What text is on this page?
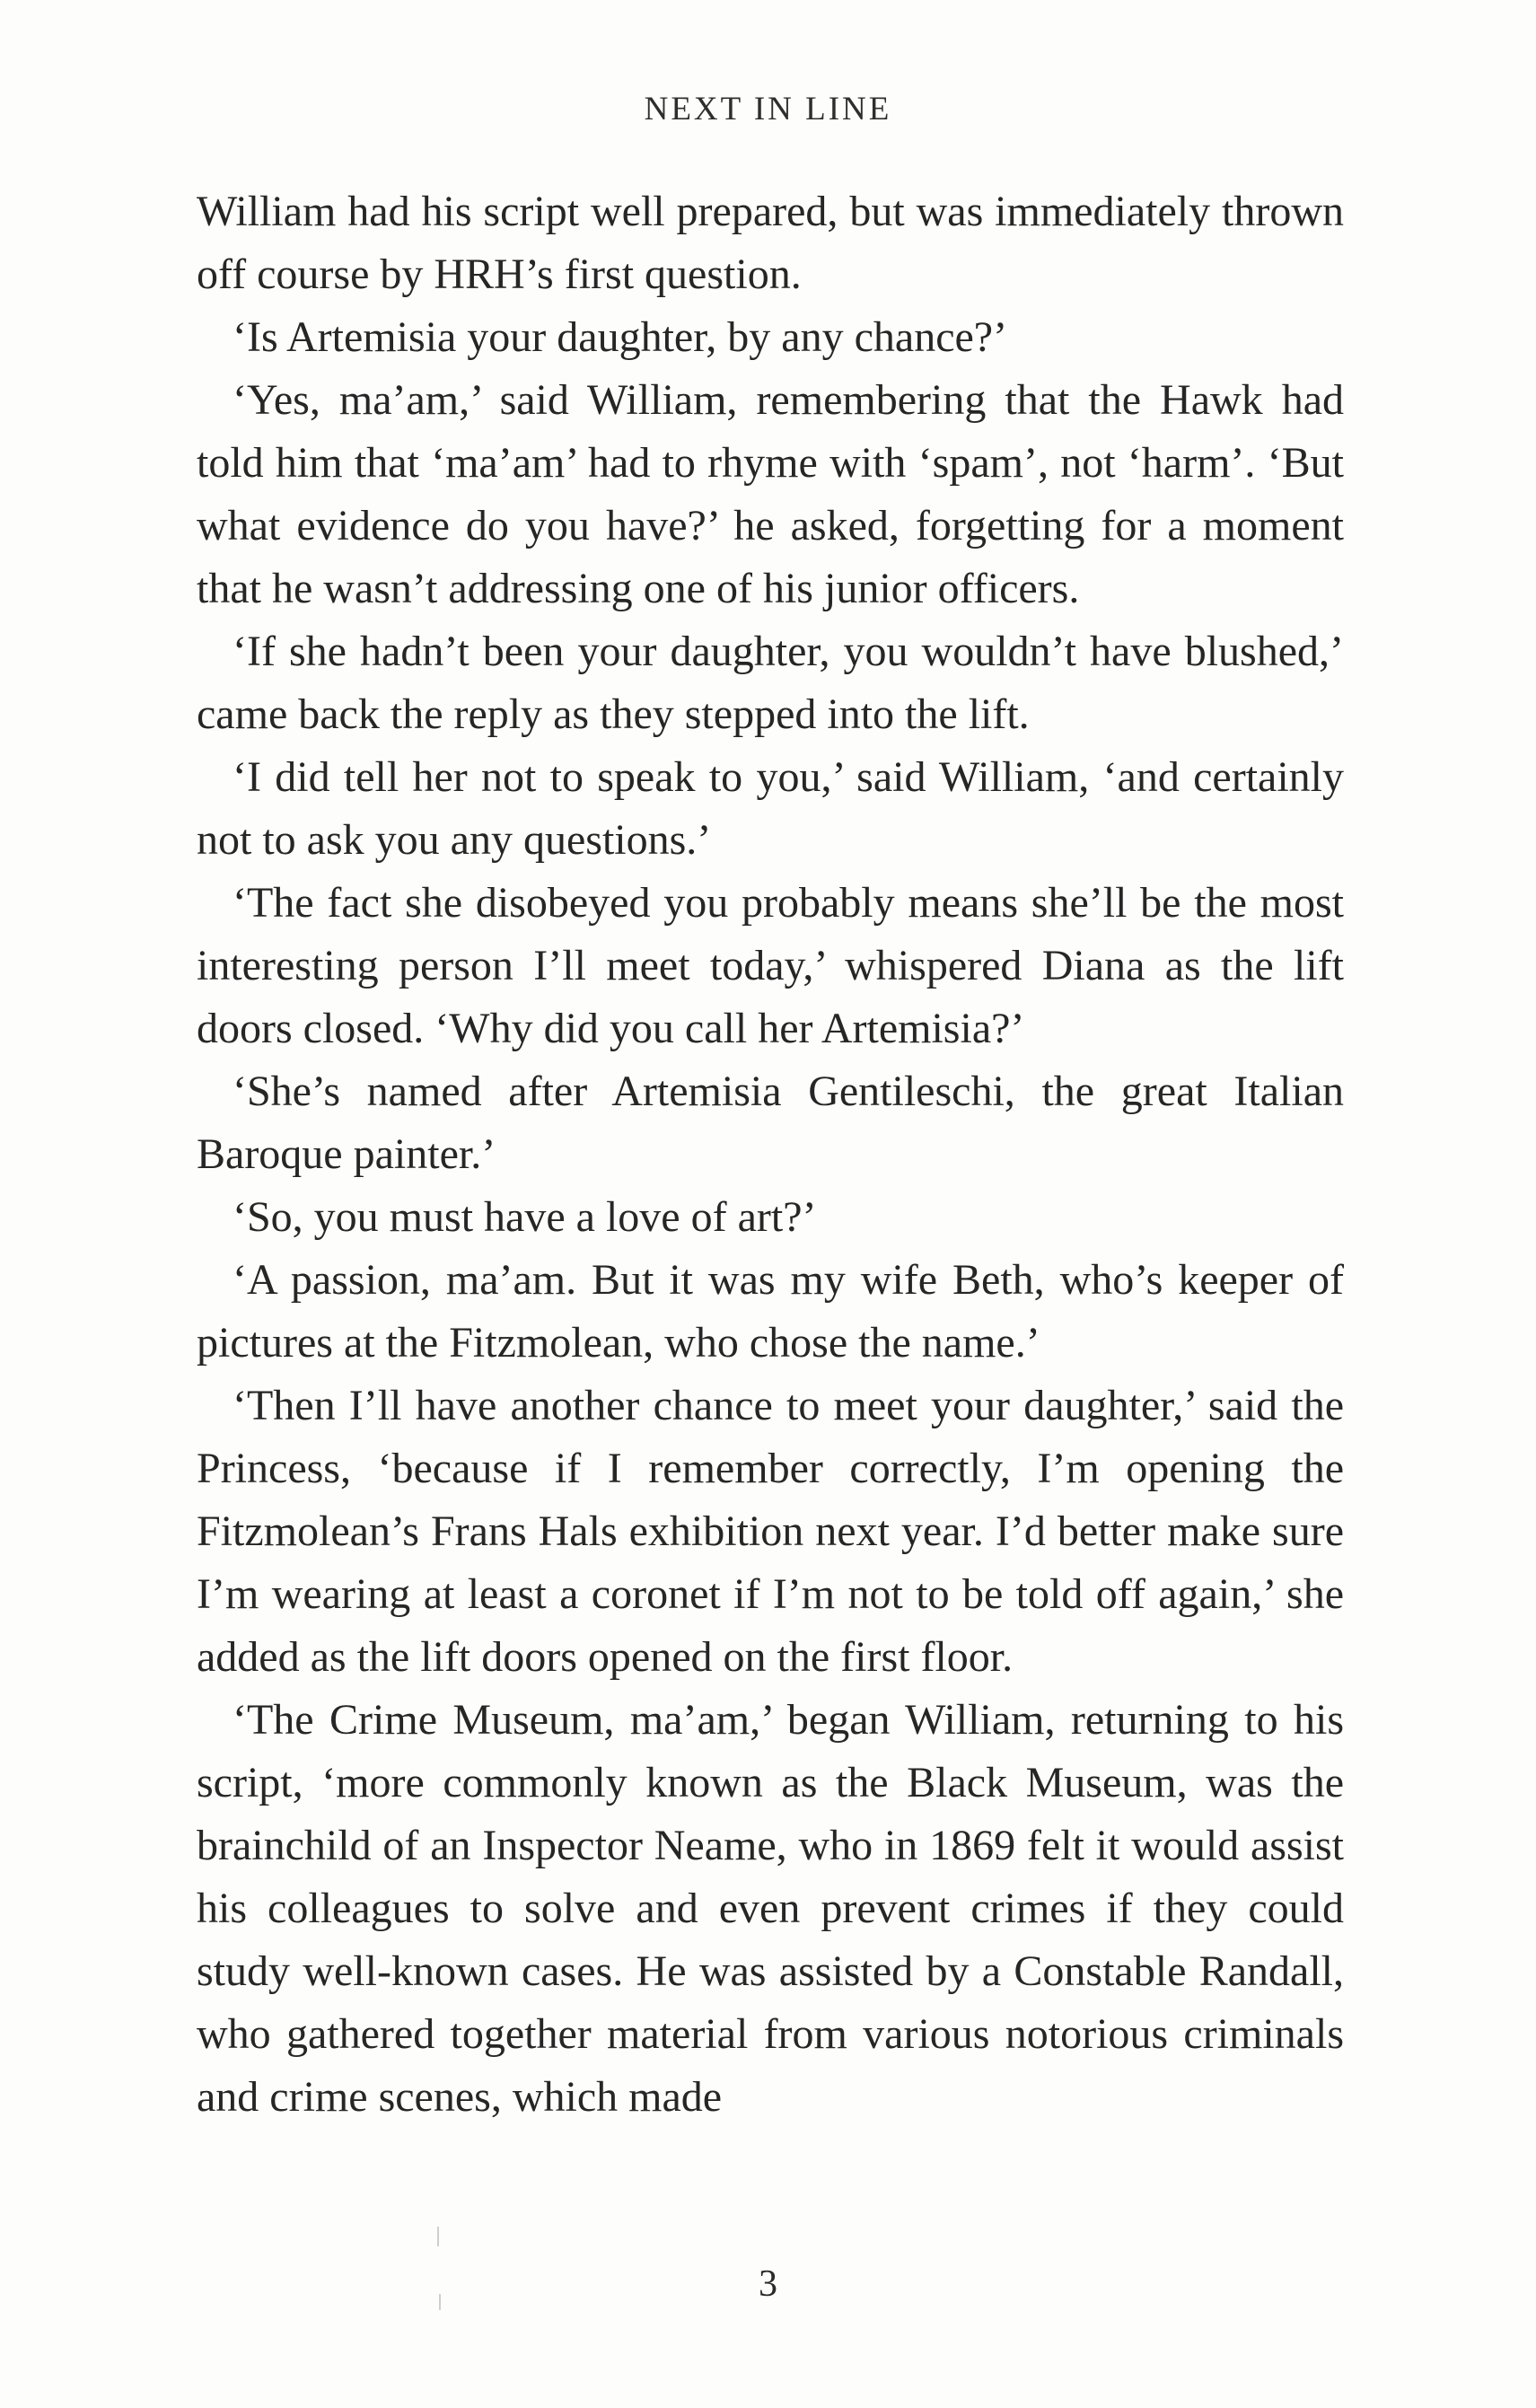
NEXT IN LINE

William had his script well prepared, but was immediately thrown off course by HRH’s first question.

‘Is Artemisia your daughter, by any chance?’

‘Yes, ma’am,’ said William, remembering that the Hawk had told him that ‘ma’am’ had to rhyme with ‘spam’, not ‘harm’. ‘But what evidence do you have?’ he asked, forgetting for a moment that he wasn’t addressing one of his junior officers.

‘If she hadn’t been your daughter, you wouldn’t have blushed,’ came back the reply as they stepped into the lift.

‘I did tell her not to speak to you,’ said William, ‘and certainly not to ask you any questions.’

‘The fact she disobeyed you probably means she’ll be the most interesting person I’ll meet today,’ whispered Diana as the lift doors closed. ‘Why did you call her Artemisia?’

‘She’s named after Artemisia Gentileschi, the great Italian Baroque painter.’

‘So, you must have a love of art?’

‘A passion, ma’am. But it was my wife Beth, who’s keeper of pictures at the Fitzmolean, who chose the name.’

‘Then I’ll have another chance to meet your daughter,’ said the Princess, ‘because if I remember correctly, I’m opening the Fitzmolean’s Frans Hals exhibition next year. I’d better make sure I’m wearing at least a coronet if I’m not to be told off again,’ she added as the lift doors opened on the first floor.

‘The Crime Museum, ma’am,’ began William, returning to his script, ‘more commonly known as the Black Museum, was the brainchild of an Inspector Neame, who in 1869 felt it would assist his colleagues to solve and even prevent crimes if they could study well-known cases. He was assisted by a Constable Randall, who gathered together material from various notorious criminals and crime scenes, which made

3
